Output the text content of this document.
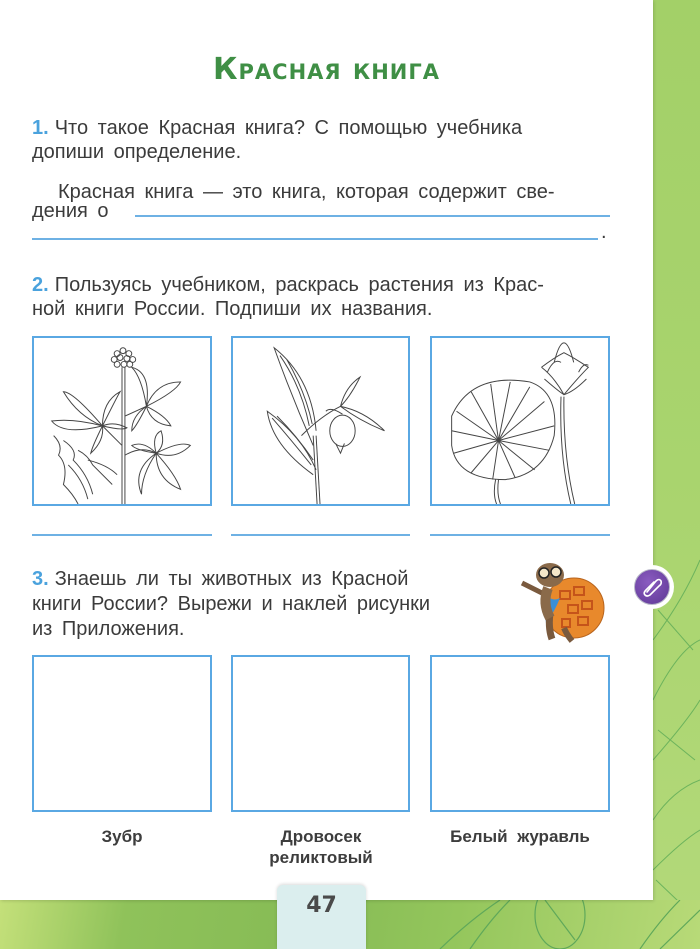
Красная книга
1. Что такое Красная книга? С помощью учебника
допиши определение.
Красная книга — это книга, которая содержит све-
дения о
.
2. Пользуясь учебником, раскрась растения из Крас-
ной книги России. Подпиши их названия.
3. Знаешь ли ты животных из Красной
книги России? Вырежи и наклей рисунки
из Приложения.
Зубр	Дровосек
реликтовый
Белый журавль
47
